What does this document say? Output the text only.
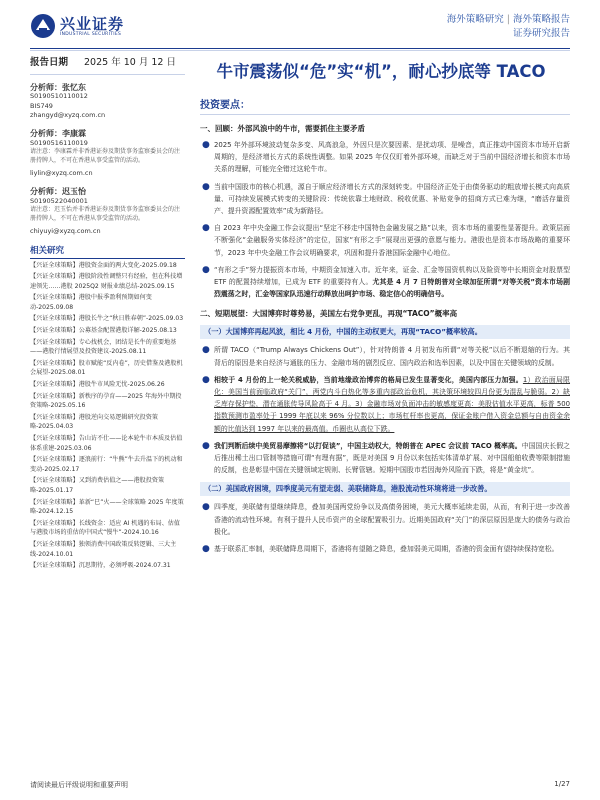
兴业证券
INDUSTRIAL SECURITIES
海外策略研究 | 海外策略报告
证券研究报告
报告日期 2025 年 10 月 12 日
分析师：张忆东
S0190510110012
BIS749
zhangyd@xyzq.com.cn
分析师：李康霖
S0190516110019
请注意：李康霖并非香港证券及期货事务监察委员会的注册持牌人，不可在香港从事受监管的活动。
liylin@xyzq.com.cn
分析师：迟玉怡
S0190522040001
请注意：迟玉怡并非香港证券及期货事务监察委员会的注册持牌人，不可在香港从事受监管的活动。
chiyuyi@xyzq.com.cn
相关研究
【兴证全球策略】港股资金面的两大变化-2025.09.18
【兴证全球策略】港股阶段性调整只有经验，但在科技增速领先……港股 2025Q2 财报业绩总结-2025.09.15
【兴证全球策略】港股中报季盈利预期如何变动-2025.09.08
【兴证全球策略】港股长牛之“秋日胜春朝”-2025.09.03
【兴证全球策略】公募基金配置港股详解-2025.08.13
【兴证全球策略】专心找机会，团结是长牛的重要地基——港股行情展望及投资建议-2025.08.11
【兴证全球策略】股市赋能“反内卷”，历史借鉴及港股机会展望-2025.08.01
【兴证全球策略】港股牛市风险无忧-2025.06.26
【兴证全球策略】新秩序的孕育——2025 年海外中期投资策略-2025.05.16
【兴证全球策略】港股逆向交易逻辑研究投资策略-2025.04.03
【兴证全球策略】告山访不仕——论本轮牛市本质及估值体系重建-2025.03.06
【兴证全球策略】逐浪前行：“牛熊”牛去升温下的机动和变动-2025.02.17
【兴证全球策略】又到消费估值之——港股投资策略-2025.01.17
【兴证全球策略】革新“巳”火——全球策略 2025 年度策略-2024.12.15
【兴证全球策略】长线资金：适应 AI 机遇的布局、估值与港股市场的重估的中国式“慢牛”-2024.10.16
【兴证全球策略】独领消费中国政策反转逻辑、三大主线-2024.10.01
【兴证全球策略】沉思期待，必须呼吸-2024.07.31
牛市震荡似“危”实“机”，耐心抄底等 TACO
投资要点：
一、回顾：外部风浪中的牛市，需要抓住主要矛盾
● 2025 年外部环境波动复杂多变、风高浪急，外因只是次要因素、是扰动项、是噪音，真正推动中国资本市场开启新周期的，是经济增长方式的系统性调整。如果 2025 年仅仅盯着外部环境，而缺乏对于当前中国经济增长和资本市场关系的理解，可能完全错过这轮牛市。
● 当前中国股市的核心机遇，源自于顺应经济增长方式的深刻转变。中国经济正处于由债务驱动的粗放增长模式向高质量、可持续发展模式转变的关键阶段：传统依靠土地财政、税收优惠、补贴竞争的招商方式已难为继，“磨活存量资产、提升资源配置效率”成为新路径。
● 自 2023 年中央金融工作会议提出“坚定不移走中国特色金融发展之路”以来，资本市场的重要性显著提升。政策层面不断强化“金融服务实体经济”的定位，国家“有形之手”展现出更强的意愿与能力。港股也是资本市场战略的重要环节，2023 年中央金融工作会议明确要求，巩固和提升香港国际金融中心地位。
● “有形之手”努力提振资本市场，中期资金加速入市。近年来，证金、汇金等国资机构以及险资等中长期资金对股票型 ETF 的配置持续增加，已成为 ETF 的重要持有人。尤其是 4 月 7 日特朗普对全球加征所谓“对等关税”资本市场剧烈震荡之时，汇金等国家队迅速行动释放出呵护市场、稳定信心的明确信号。
二、短期展望：大国博弈时尊势易，美国左右党争更乱，再现“TACO”概率高
（一）大国博弈再起风波，相比 4 月份，中国的主动权更大，再现“TACO”概率较高。
● 所谓 TACO（“Trump Always Chickens Out”），针对特朗普 4 月初发布所谓“对等关税”以后不断退缩的行为。其背后的原因是来自经济与通胀的压力、金融市场的剧烈反应、国内政治和选举因素，以及中国在关键领域的反制。
● 相较于 4 月份的上一轮关税威胁，当前地缘政治博弈的格局已发生显著变化，美国内部压力加强。1）政治面局限化：美国当前面临政府“关门”，两党内斗白热化等多重内部政治危机，其決策环境较四月份更为混乱与脆弱。2）缺乏库存保护垫，潜在通胀传导风险高于 4 月。3）金融市场对负面冲击的敏感度更高：美股估值水平更高，标普 500 指数预测市盈率处于 1999 年底以来 96% 分位数以上；市场杠杆率也更高，保证金账户借入资金总额与自由资金余额的比值达到 1997 年以来的最高值。币圈也从高位下跌。
● 我们判断后续中美贸易摩擦将“以打促谈”，中国主动权大，特朗普在 APEC 会议前 TACO 概率高。中国国庆长假之后推出稀土出口管制等措施可谓“有理有据”，既是对美国 9 月份以来包括实体清单扩展、对中国船舶收费等限制措施的反制，也是彰显中国在关键领域定规则、长臂管辖。短期中国股市若因海外风险而下跌，将是“黄金坑”。
（二）美国政府困境，四季度美元有望走弱、美联储降息，港股流动性环境将进一步改善。
● 四季度，美联储有望继续降息，叠加美国两党纷争以及高债务困境，美元大概率延续走弱，从而，有利于进一步改善香港的流动性环境。有利于提升人民币资产的全球配置吸引力。近期美国政府“关门”的深层原因是庞大的债务与政治极化。
● 基于联系汇率制，美联储降息周期下，香港将有望随之降息，叠加弱美元周期，香港的资金面有望持续保持宽松。
请阅读最后评级说明和重要声明	1/27
